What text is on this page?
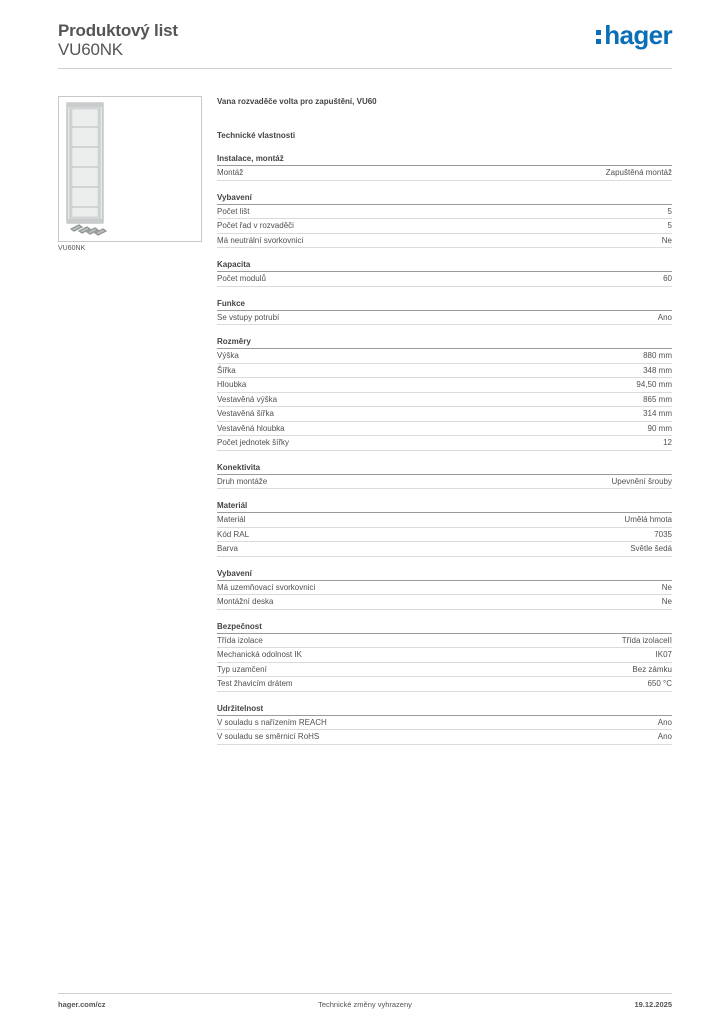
Produktový list
VU60NK	hager
VU60NK
Vana rozvaděče volta pro zapuštění, VU60
Technické vlastnosti
Instalace, montáž
Montáž	Zapuštěná montáž
Vybavení
Počet lišt	5
Počet řad v rozvaděči	5
Má neutrální svorkovnici	Ne
Kapacita
Počet modulů	60
Funkce
Se vstupy potrubí	Ano
Rozměry
Výška	880 mm
Šířka	348 mm
Hloubka	94,50 mm
Vestavěná výška	865 mm
Vestavěná šířka	314 mm
Vestavěná hloubka	90 mm
Počet jednotek šířky	12
Konektivita
Druh montáže	Upevnění šrouby
Materiál
Materiál	Umělá hmota
Kód RAL	7035
Barva	Světle šedá
Vybavení
Má uzemňovací svorkovnici	Ne
Montážní deska	Ne
Bezpečnost
Třída izolace	Třída izolaceII
Mechanická odolnost IK	IK07
Typ uzamčení	Bez zámku
Test žhavicím drátem	650 °C
Udržitelnost
V souladu s nařízením REACH	Ano
V souladu se směrnicí RoHS	Ano
hager.com/cz	Technické změny vyhrazeny	19.12.2025
